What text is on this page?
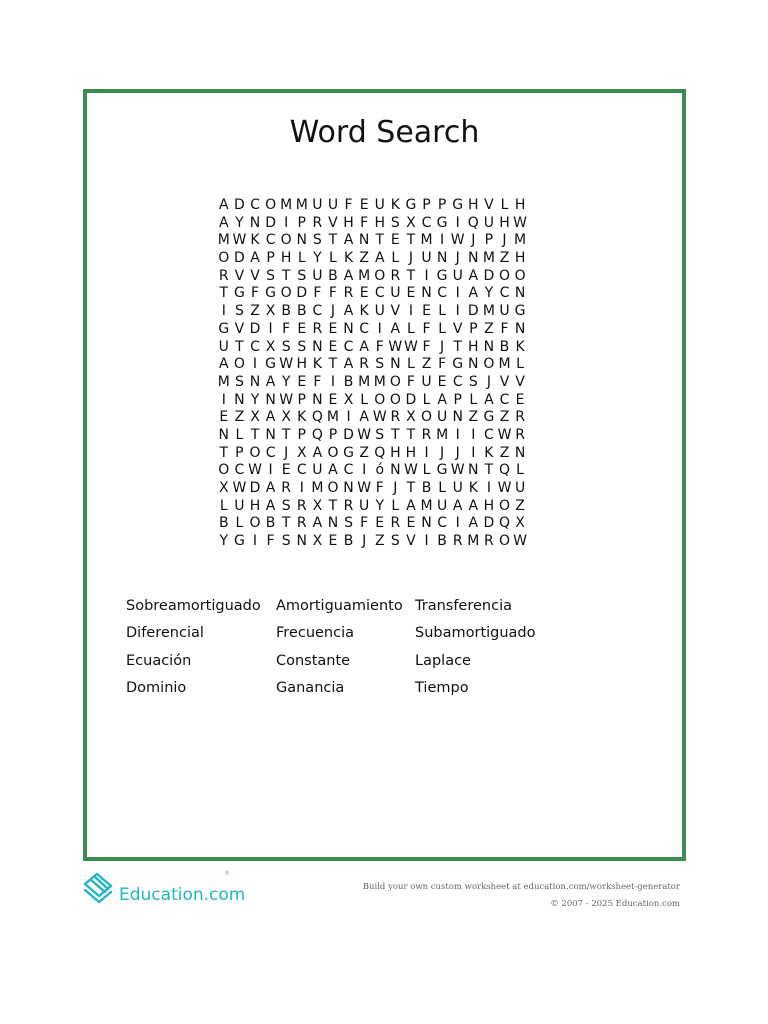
Word Search
A D C O M M U U F E U K G P P G H V L H
A Y N D I P R V H F H S X C G I Q U H W
M W K C O N S T A N T E T M I W J P J M
O D A P H L Y L K Z A L J U N J N M Z H
R V V S T S U B A M O R T I G U A D O O
T G F G O D F F R E C U E N C I A Y C N
I S Z X B B C J A K U V I E L I D M U G
G V D I F E R E N C I A L F L V P Z F N
U T C X S S N E C A F W W F J T H N B K
A O I G W H K T A R S N L Z F G N O M L
M S N A Y E F I B M M O F U E C S J V V
I N Y N W P N E X L O O D L A P L A C E
E Z X A X K Q M I A W R X O U N Z G Z R
N L T N T P Q P D W S T T R M I I C W R
T P O C J X A O G Z Q H H I J J I K Z N
O C W I E C U A C I ó N W L G W N T Q L
X W D A R I M O N W F J T B L U K I W U
L U H A S R X T R U Y L A M U A A H O Z
B L O B T R A N S F E R E N C I A D Q X
Y G I F S N X E B J Z S V I B R M R O W
Sobreamortiguado	Amortiguamiento Transferencia
Diferencial	Frecuencia	Subamortiguado
Ecuación	Constante	Laplace
Dominio	Ganancia	Tiempo
Education.com
®
Build your own custom worksheet at education.com/worksheet-generator
© 2007 - 2025 Education.com
